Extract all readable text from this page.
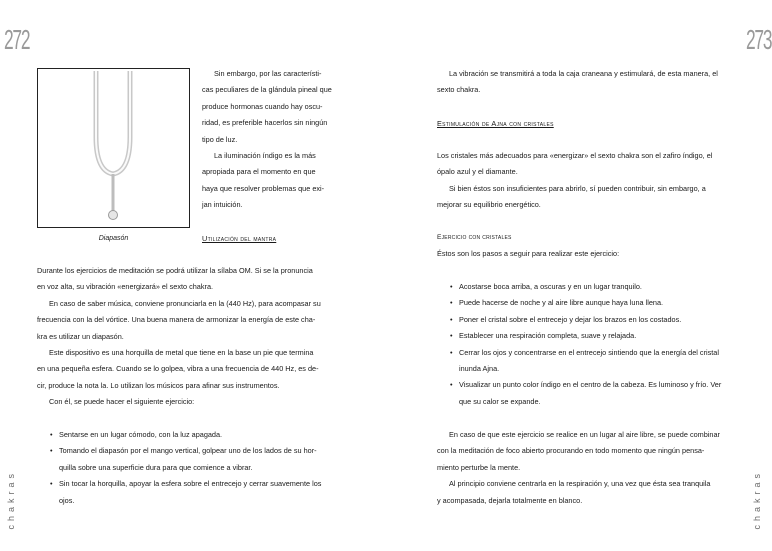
272
chakras
Diapasón

Sin embargo, por las característi-
cas peculiares de la glándula pineal que
produce hormonas cuando hay oscu-
ridad, es preferible hacerlos sin ningún
tipo de luz.

La iluminación índigo es la más
apropiada para el momento en que
haya que resolver problemas que exi-
jan intuición.

Utilización del mantra

Durante los ejercicios de meditación se podrá utilizar la sílaba OM. Si se la pronuncia
en voz alta, su vibración «energizará» el sexto chakra.

En caso de saber música, conviene pronunciarla en la (440 Hz), para acompasar su
frecuencia con la del vórtice. Una buena manera de armonizar la energía de este cha-
kra es utilizar un diapasón.

Este dispositivo es una horquilla de metal que tiene en la base un pie que termina
en una pequeña esfera. Cuando se lo golpea, vibra a una frecuencia de 440 Hz, es de-
cir, produce la nota la. Lo utilizan los músicos para afinar sus instrumentos.

Con él, se puede hacer el siguiente ejercicio:

• Sentarse en un lugar cómodo, con la luz apagada.
• Tomando el diapasón por el mango vertical, golpear uno de los lados de su hor-
quilla sobre una superficie dura para que comience a vibrar.
• Sin tocar la horquilla, apoyar la esfera sobre el entrecejo y cerrar suavemente los
ojos.
273
chakras

La vibración se transmitirá a toda la caja craneana y estimulará, de esta manera, el
sexto chakra.

Estimulación de Ajna con cristales

Los cristales más adecuados para «energizar» el sexto chakra son el zafiro índigo, el
ópalo azul y el diamante.

Si bien éstos son insuficientes para abrirlo, sí pueden contribuir, sin embargo, a
mejorar su equilibrio energético.

Ejercicio con cristales
Éstos son los pasos a seguir para realizar este ejercicio:
• Acostarse boca arriba, a oscuras y en un lugar tranquilo.
• Puede hacerse de noche y al aire libre aunque haya luna llena.
• Poner el cristal sobre el entrecejo y dejar los brazos en los costados.
• Establecer una respiración completa, suave y relajada.
• Cerrar los ojos y concentrarse en el entrecejo sintiendo que la energía del cristal
inunda Ajna.
• Visualizar un punto color índigo en el centro de la cabeza. Es luminoso y frío. Ver
que su calor se expande.

En caso de que este ejercicio se realice en un lugar al aire libre, se puede combinar
con la meditación de foco abierto procurando en todo momento que ningún pensa-
miento perturbe la mente.

Al principio conviene centrarla en la respiración y, una vez que ésta sea tranquila
y acompasada, dejarla totalmente en blanco.
